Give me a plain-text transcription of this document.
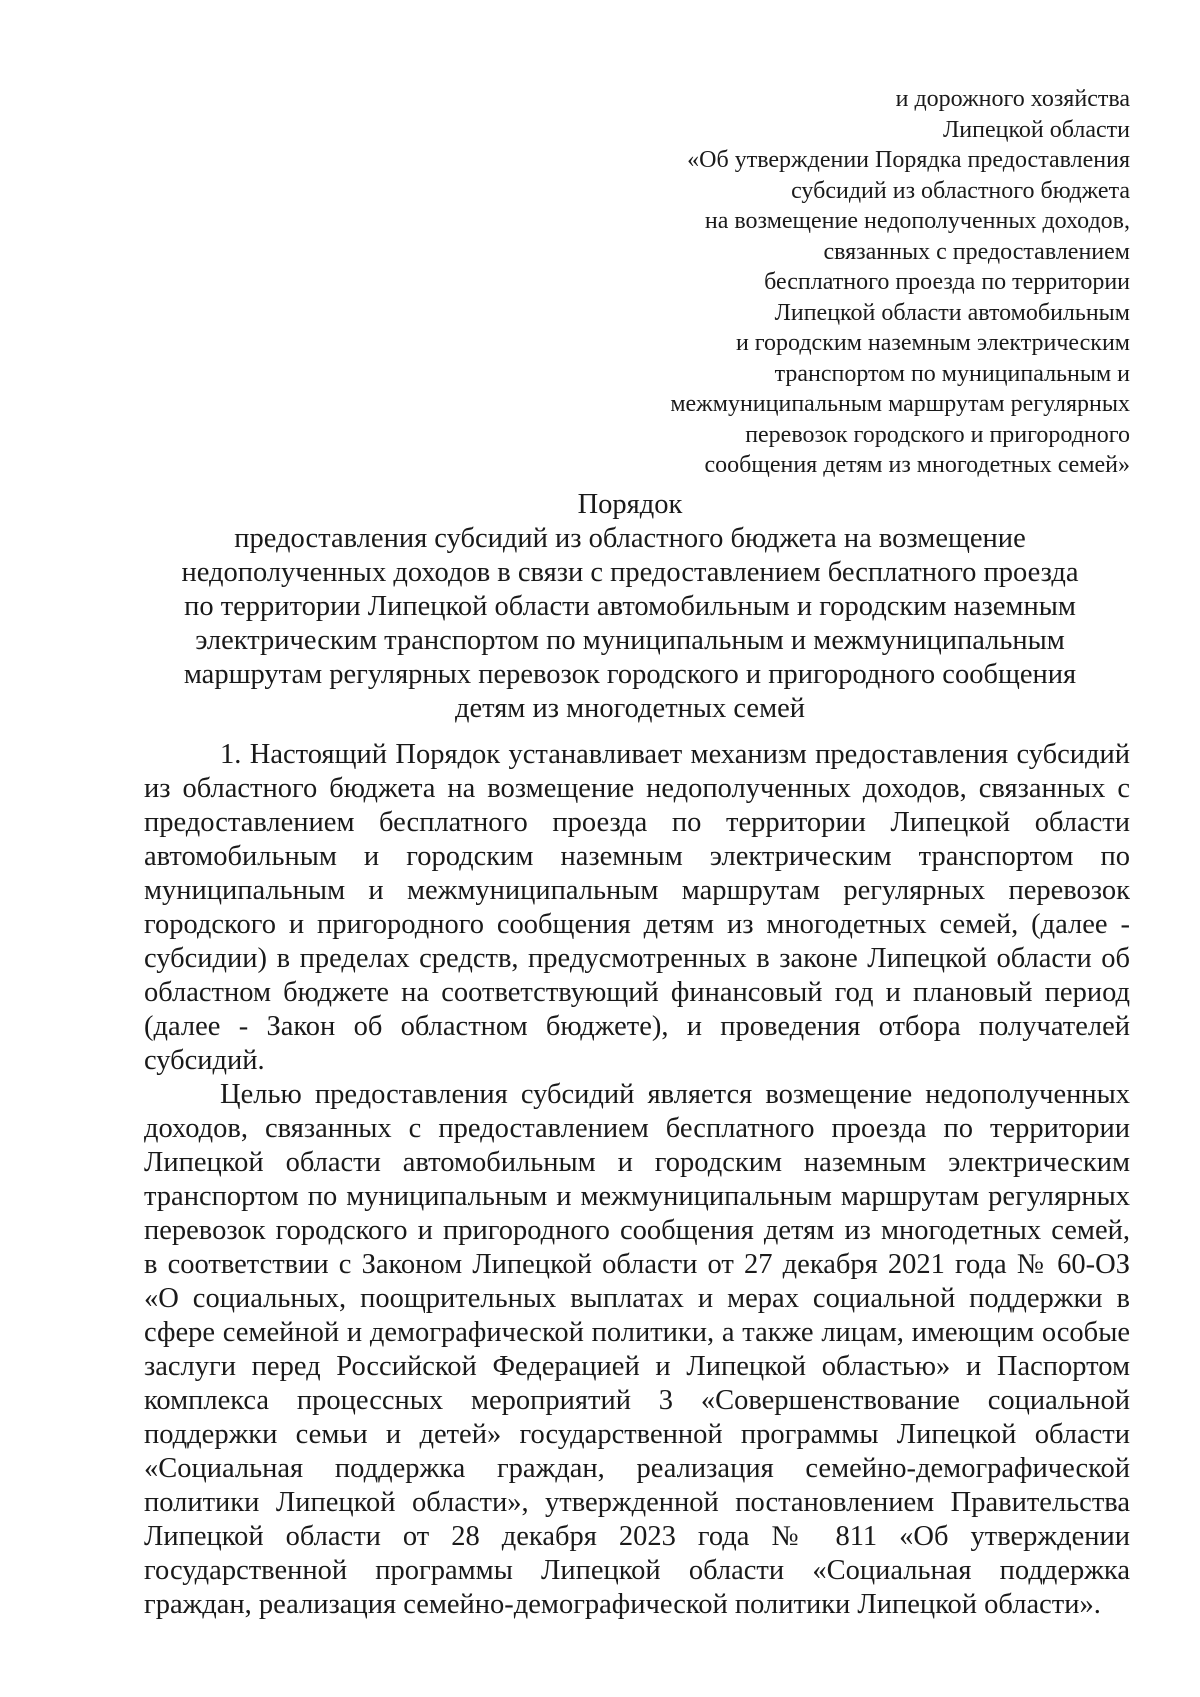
и дорожного хозяйства
Липецкой области
«Об утверждении Порядка предоставления
субсидий из областного бюджета
на возмещение недополученных доходов,
связанных с предоставлением
бесплатного проезда по территории
Липецкой области автомобильным
и городским наземным электрическим
транспортом по муниципальным и
межмуниципальным маршрутам регулярных
перевозок городского и пригородного
сообщения детям из многодетных семей»
Порядок
предоставления субсидий из областного бюджета на возмещение
недополученных доходов в связи с предоставлением бесплатного проезда
по территории Липецкой области автомобильным и городским наземным
электрическим транспортом по муниципальным и межмуниципальным
маршрутам регулярных перевозок городского и пригородного сообщения
детям из многодетных семей
1. Настоящий Порядок устанавливает механизм предоставления субсидий
из областного бюджета на возмещение недополученных доходов, связанных с
предоставлением бесплатного проезда по территории Липецкой области
автомобильным и городским наземным электрическим транспортом по
муниципальным и межмуниципальным маршрутам регулярных перевозок
городского и пригородного сообщения детям из многодетных семей, (далее -
субсидии) в пределах средств, предусмотренных в законе Липецкой области об
областном бюджете на соответствующий финансовый год и плановый период
(далее - Закон об областном бюджете), и проведения отбора получателей
субсидий.
Целью предоставления субсидий является возмещение недополученных
доходов, связанных с предоставлением бесплатного проезда по территории
Липецкой области автомобильным и городским наземным электрическим
транспортом по муниципальным и межмуниципальным маршрутам регулярных
перевозок городского и пригородного сообщения детям из многодетных семей,
в соответствии с Законом Липецкой области от 27 декабря 2021 года № 60-ОЗ
«О социальных, поощрительных выплатах и мерах социальной поддержки в
сфере семейной и демографической политики, а также лицам, имеющим особые
заслуги перед Российской Федерацией и Липецкой областью» и Паспортом
комплекса процессных мероприятий 3 «Совершенствование социальной
поддержки семьи и детей» государственной программы Липецкой области
«Социальная поддержка граждан, реализация семейно-демографической
политики Липецкой области», утвержденной постановлением Правительства
Липецкой области от 28 декабря 2023 года № 811 «Об утверждении
государственной программы Липецкой области «Социальная поддержка
граждан, реализация семейно-демографической политики Липецкой области».
